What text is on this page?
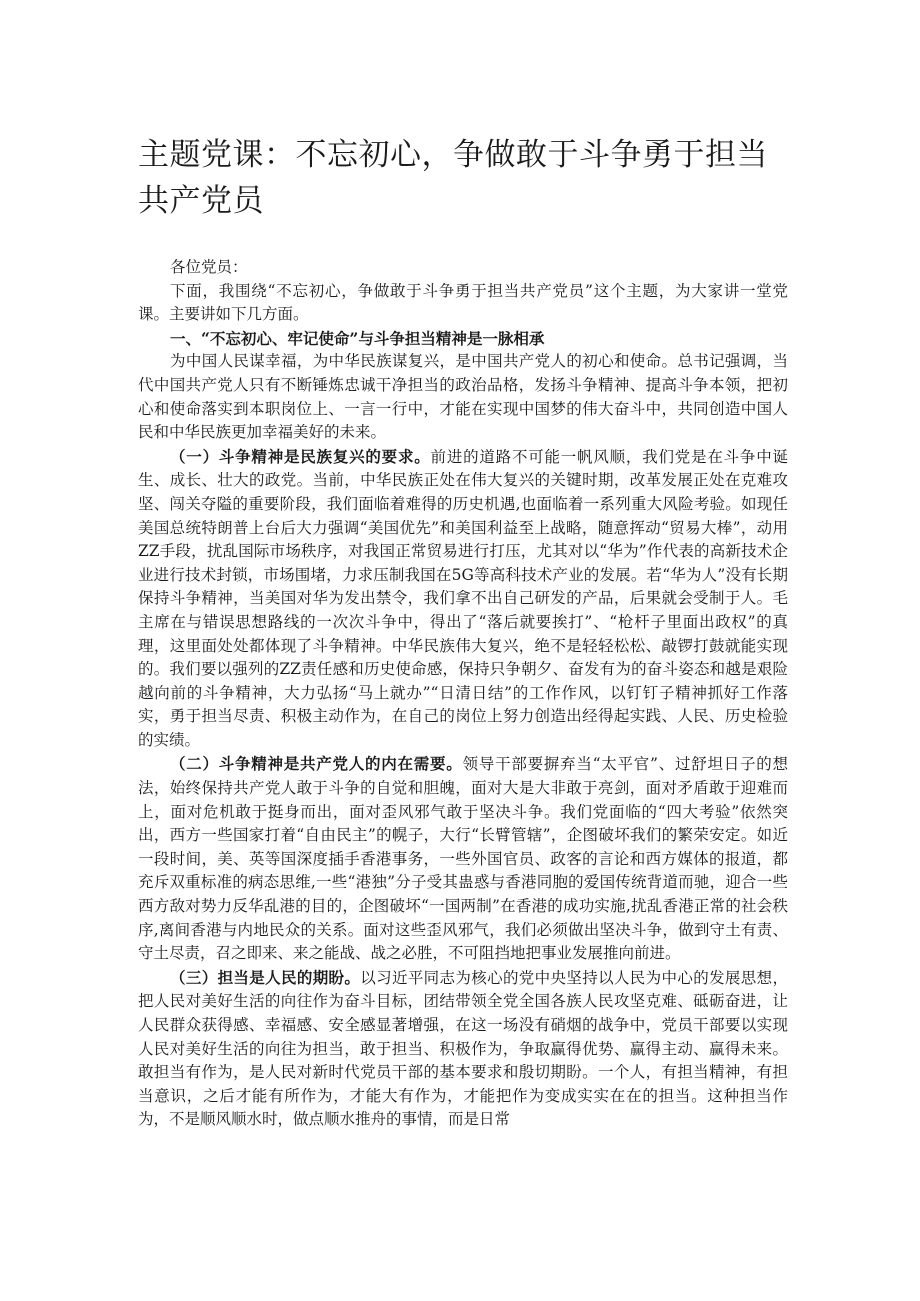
主题党课：不忘初心，争做敢于斗争勇于担当共产党员

各位党员：

下面，我围绕“不忘初心，争做敢于斗争勇于担当共产党员”这个主题，为大家讲一堂党课。主要讲如下几方面。

一、“不忘初心、牢记使命”与斗争担当精神是一脉相承

为中国人民谋幸福，为中华民族谋复兴，是中国共产党人的初心和使命。总书记强调，当代中国共产党人只有不断锤炼忠诚干净担当的政治品格，发扬斗争精神、提高斗争本领，把初心和使命落实到本职岗位上、一言一行中，才能在实现中国梦的伟大奋斗中，共同创造中国人民和中华民族更加幸福美好的未来。

（一）斗争精神是民族复兴的要求。前进的道路不可能一帆风顺，我们党是在斗争中诞生、成长、壮大的政党。当前，中华民族正处在伟大复兴的关键时期，改革发展正处在克难攻坚、闯关夺隘的重要阶段，我们面临着难得的历史机遇,也面临着一系列重大风险考验。如现任美国总统特朗普上台后大力强调“美国优先”和美国利益至上战略，随意挥动“贸易大棒”，动用ZZ手段，扰乱国际市场秩序，对我国正常贸易进行打压，尤其对以“华为”作代表的高新技术企业进行技术封锁，市场围堵，力求压制我国在5G等高科技术产业的发展。若“华为人”没有长期保持斗争精神，当美国对华为发出禁令，我们拿不出自己研发的产品，后果就会受制于人。毛主席在与错误思想路线的一次次斗争中，得出了“落后就要挨打”、“枪杆子里面出政权”的真理，这里面处处都体现了斗争精神。中华民族伟大复兴，绝不是轻轻松松、敲锣打鼓就能实现的。我们要以强列的ZZ责任感和历史使命感，保持只争朝夕、奋发有为的奋斗姿态和越是艰险越向前的斗争精神，大力弘扬“马上就办”“日清日结”的工作作风，以钉钉子精神抓好工作落实，勇于担当尽责、积极主动作为，在自己的岗位上努力创造出经得起实践、人民、历史检验的实绩。

（二）斗争精神是共产党人的内在需要。领导干部要摒弃当“太平官”、过舒坦日子的想法，始终保持共产党人敢于斗争的自觉和胆魄，面对大是大非敢于亮剑，面对矛盾敢于迎难而上，面对危机敢于挺身而出，面对歪风邪气敢于坚决斗争。我们党面临的“四大考验”依然突出，西方一些国家打着“自由民主”的幌子，大行“长臂管辖”，企图破坏我们的繁荣安定。如近一段时间，美、英等国深度插手香港事务，一些外国官员、政客的言论和西方媒体的报道，都充斥双重标准的病态思维,一些“港独”分子受其蛊惑与香港同胞的爱国传统背道而驰，迎合一些西方敌对势力反华乱港的目的，企图破坏“一国两制”在香港的成功实施,扰乱香港正常的社会秩序,离间香港与内地民众的关系。面对这些歪风邪气，我们必须做出坚决斗争，做到守土有责、守土尽责，召之即来、来之能战、战之必胜，不可阻挡地把事业发展推向前进。

（三）担当是人民的期盼。以习近平同志为核心的党中央坚持以人民为中心的发展思想，把人民对美好生活的向往作为奋斗目标，团结带领全党全国各族人民攻坚克难、砥砺奋进，让人民群众获得感、幸福感、安全感显著增强，在这一场没有硝烟的战争中，党员干部要以实现人民对美好生活的向往为担当，敢于担当、积极作为，争取赢得优势、赢得主动、赢得未来。敢担当有作为，是人民对新时代党员干部的基本要求和殷切期盼。一个人，有担当精神，有担当意识，之后才能有所作为，才能大有作为，才能把作为变成实实在在的担当。这种担当作为，不是顺风顺水时，做点顺水推舟的事情，而是日常
